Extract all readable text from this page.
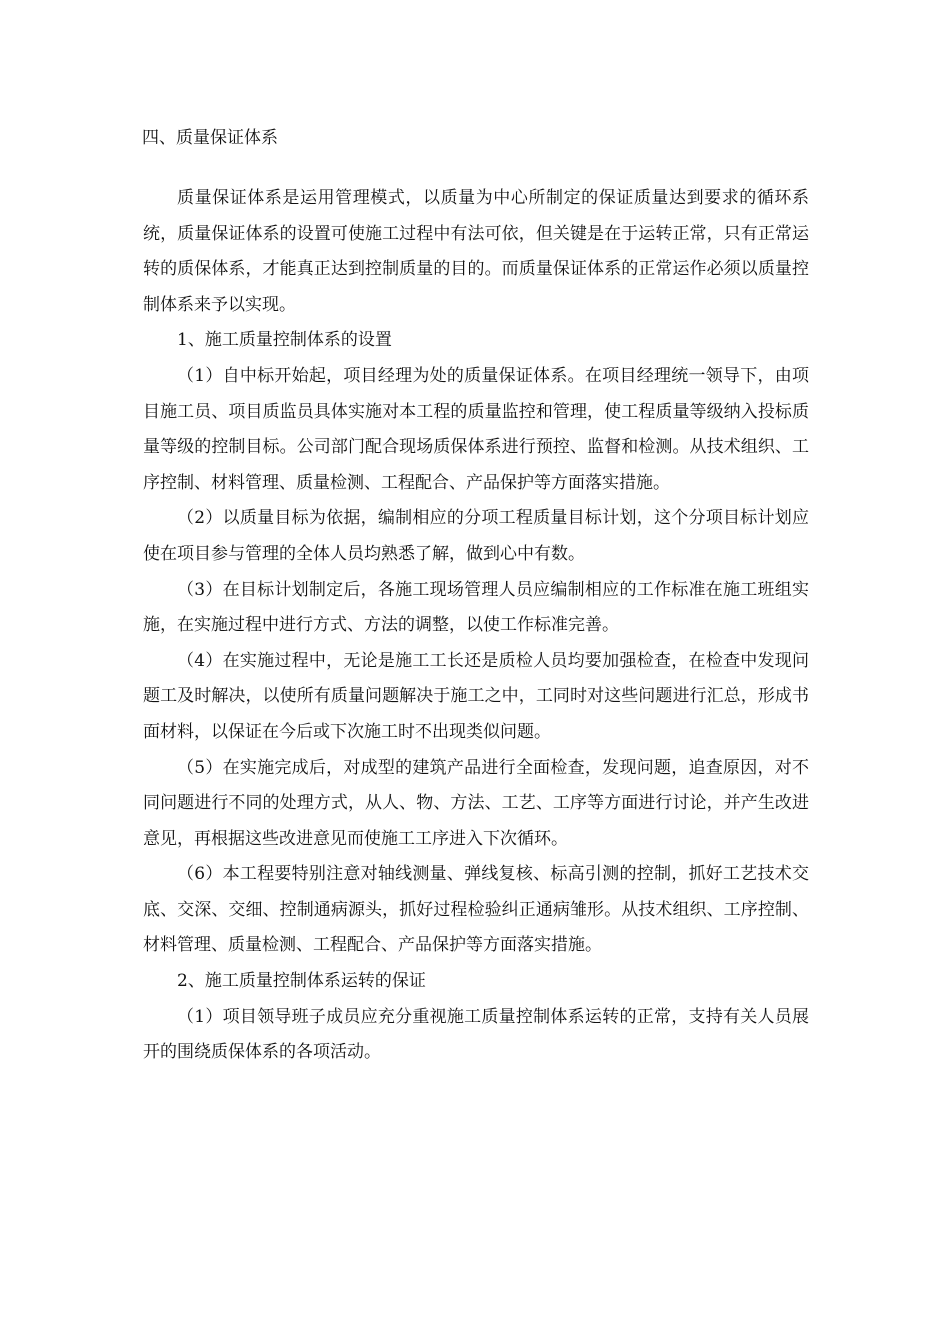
四、质量保证体系

质量保证体系是运用管理模式，以质量为中心所制定的保证质量达到要求的循环系统，质量保证体系的设置可使施工过程中有法可依，但关键是在于运转正常，只有正常运转的质保体系，才能真正达到控制质量的目的。而质量保证体系的正常运作必须以质量控制体系来予以实现。

1、施工质量控制体系的设置

（1）自中标开始起，项目经理为处的质量保证体系。在项目经理统一领导下，由项目施工员、项目质监员具体实施对本工程的质量监控和管理，使工程质量等级纳入投标质量等级的控制目标。公司部门配合现场质保体系进行预控、监督和检测。从技术组织、工序控制、材料管理、质量检测、工程配合、产品保护等方面落实措施。

（2）以质量目标为依据，编制相应的分项工程质量目标计划，这个分项目标计划应使在项目参与管理的全体人员均熟悉了解，做到心中有数。

（3）在目标计划制定后，各施工现场管理人员应编制相应的工作标准在施工班组实施，在实施过程中进行方式、方法的调整，以使工作标准完善。

（4）在实施过程中，无论是施工工长还是质检人员均要加强检查，在检查中发现问题工及时解决，以使所有质量问题解决于施工之中，工同时对这些问题进行汇总，形成书面材料，以保证在今后或下次施工时不出现类似问题。

（5）在实施完成后，对成型的建筑产品进行全面检查，发现问题，追查原因，对不同问题进行不同的处理方式，从人、物、方法、工艺、工序等方面进行讨论，并产生改进意见，再根据这些改进意见而使施工工序进入下次循环。

（6）本工程要特别注意对轴线测量、弹线复核、标高引测的控制，抓好工艺技术交底、交深、交细、控制通病源头，抓好过程检验纠正通病雏形。从技术组织、工序控制、材料管理、质量检测、工程配合、产品保护等方面落实措施。

2、施工质量控制体系运转的保证

（1）项目领导班子成员应充分重视施工质量控制体系运转的正常，支持有关人员展开的围绕质保体系的各项活动。
